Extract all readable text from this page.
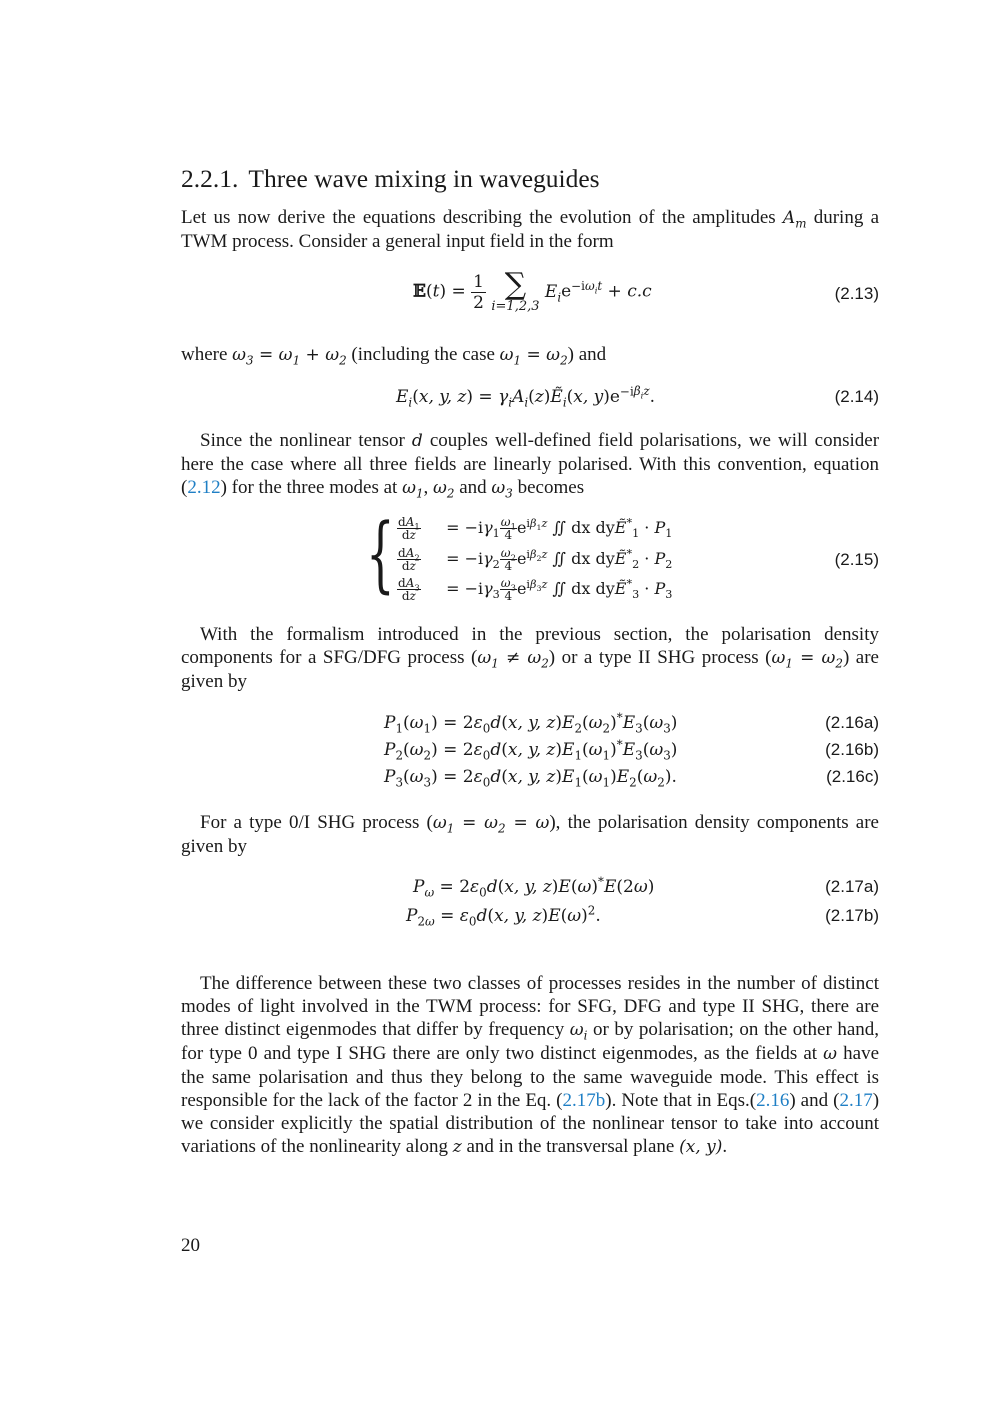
2.2.1. Three wave mixing in waveguides
Let us now derive the equations describing the evolution of the amplitudes $A_m$ during a TWM process. Consider a general input field in the form
𝔼(t) = $\frac{1}{2}$
∑
i=1,2,3
$E_ie^{-i\omega_it} + c.c$	(2.13)
where $\omega_3 = \omega_1 + \omega_2$ (including the case $\omega_1 = \omega_2$) and
$E_i(x$, y, $z) = \gamma_iA_i(z)Ẽ_i(x$, $y)e^{-i\beta_iz}$.	(2.14)
Since the nonlinear tensor d couples well-defined field polarisations, we will consider here the case where all three fields are linearly polarised. With this convention, equation (2.12) for the three modes at $\omega_1$, $\omega_2$ and $\omega_3$ becomes
{ $\frac{dA_1}{dz} = -i\gamma_1 \frac{\omega_1}{4} e^{i\beta_1z}$ ∬ dx dyẼ*$_1$ · $P_1$
$\frac{dA_2}{dz} = -i\gamma_2 \frac{\omega_2}{4} e^{i\beta_2z}$ ∬ dx dyẼ*$_2$ · $P_2$
$\frac{dA_3}{dz} = -i\gamma_3 \frac{\omega_3}{4} e^{i\beta_3z}$ ∬ dx dyẼ*$_3$ · $P_3$
(2.15)
With the formalism introduced in the previous section, the polarisation density components for a SFG/DFG process $(\omega_1 \ne \omega_2)$ or a type II SHG process $(\omega_1 = \omega_2)$ are given by
$P_1(\omega_1) = 2\varepsilon_0d(x$, y, $z)E_2(\omega_2)^*E_3(\omega_3)$	(2.16a)
$P_2(\omega_2) = 2\varepsilon_0d(x$, y, $z)E_1(\omega_1)^*E_3(\omega_3)$	(2.16b)
$P_3(\omega_3) = 2\varepsilon_0d(x$, y, $z)E_1(\omega_1)E_2(\omega_2)$.	(2.16c)
For a type 0/I SHG process $(\omega_1 = \omega_2 = \omega)$, the polarisation density components are given by
$P_\omega = 2\varepsilon_0d(x$, y, z)E(ω)*E(2ω)	(2.17a)
$P_{2\omega} = \varepsilon_0d(x$, y, $z)E(\omega)^2$.	(2.17b)
The difference between these two classes of processes resides in the number of distinct modes of light involved in the TWM process: for SFG, DFG and type II SHG, there are three distinct eigenmodes that differ by frequency $\omega_i$ or by polarisation; on the other hand, for type 0 and type I SHG there are only two distinct eigenmodes, as the fields at ω have the same polarisation and thus they belong to the same waveguide mode. This effect is responsible for the lack of the factor 2 in the Eq. (2.17b). Note that in Eqs.(2.16) and (2.17) we consider explicitly the spatial distribution of the nonlinear tensor to take into account variations of the nonlinearity along z and in the transversal plane (x, y).
20
